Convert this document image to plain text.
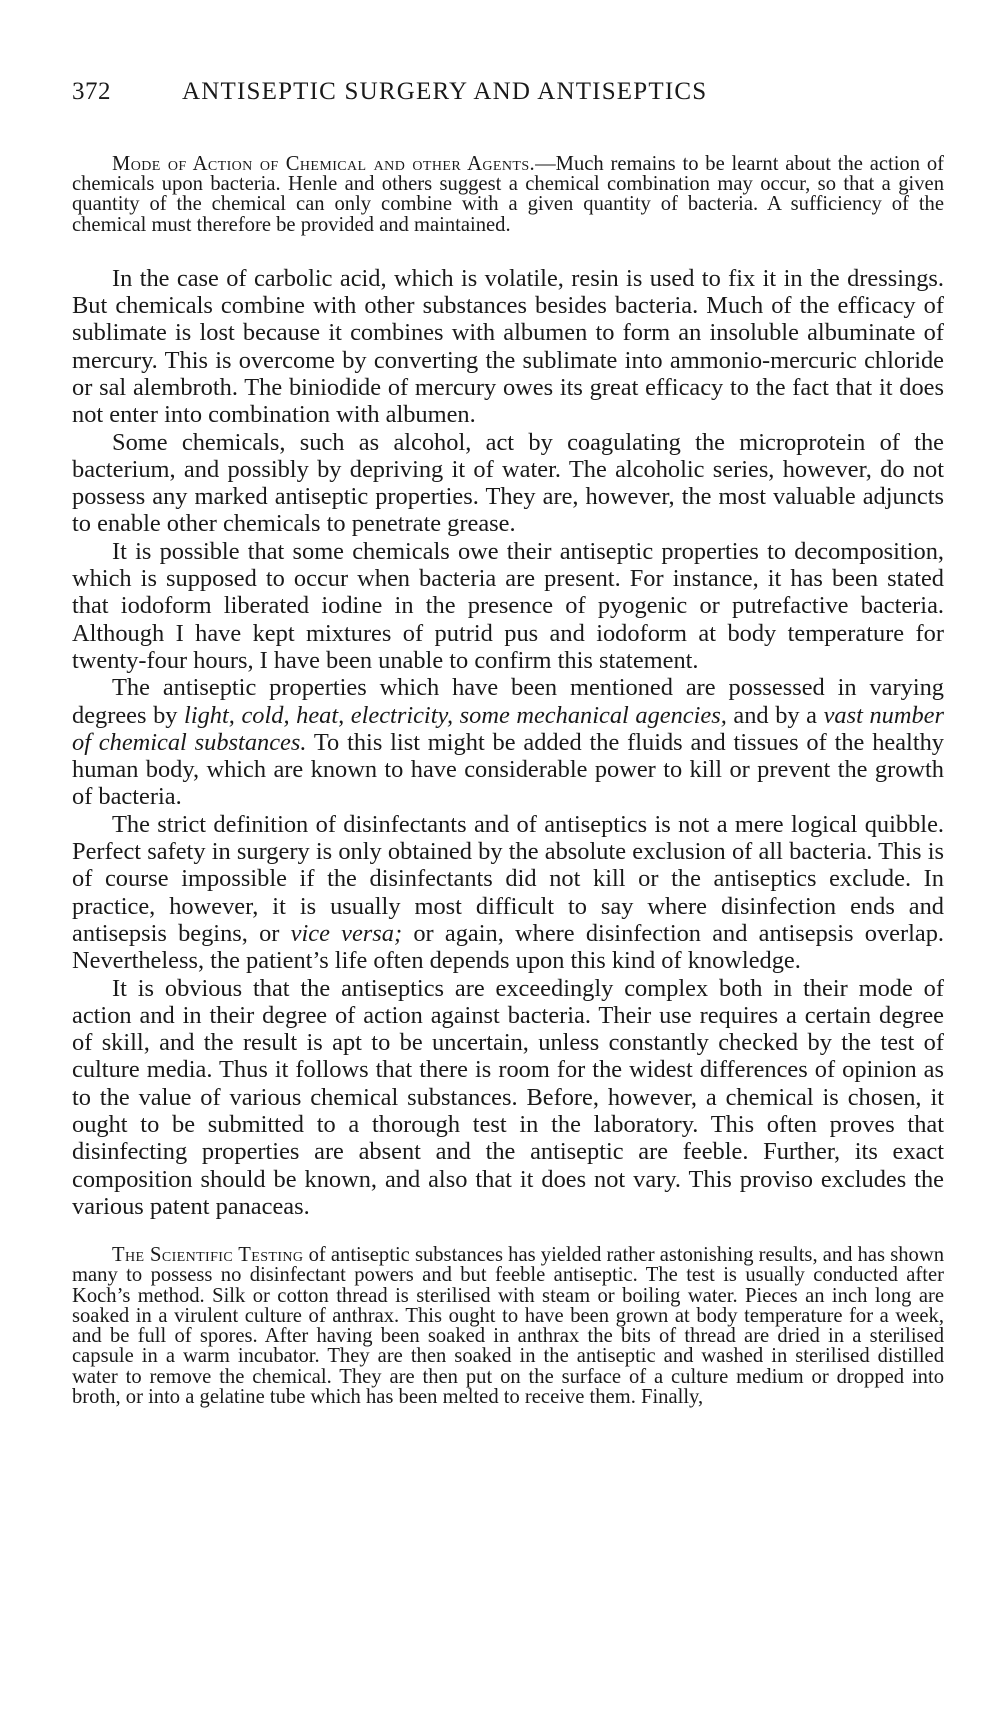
372	ANTISEPTIC SURGERY AND ANTISEPTICS

Mode of Action of Chemical and other Agents.—Much remains to be learnt about the action of chemicals upon bacteria. Henle and others suggest a chemical combination may occur, so that a given quantity of the chemical can only combine with a given quantity of bacteria. A sufficiency of the chemical must therefore be provided and maintained.

In the case of carbolic acid, which is volatile, resin is used to fix it in the dressings. But chemicals combine with other substances besides bacteria. Much of the efficacy of sublimate is lost because it combines with albumen to form an insoluble albuminate of mercury. This is overcome by converting the sublimate into ammonio-mercuric chloride or sal alembroth. The biniodide of mercury owes its great efficacy to the fact that it does not enter into combination with albumen.

Some chemicals, such as alcohol, act by coagulating the microprotein of the bacterium, and possibly by depriving it of water. The alcoholic series, however, do not possess any marked antiseptic properties. They are, however, the most valuable adjuncts to enable other chemicals to penetrate grease.

It is possible that some chemicals owe their antiseptic properties to decomposition, which is supposed to occur when bacteria are present. For instance, it has been stated that iodoform liberated iodine in the presence of pyogenic or putrefactive bacteria. Although I have kept mixtures of putrid pus and iodoform at body temperature for twenty-four hours, I have been unable to confirm this statement.

The antiseptic properties which have been mentioned are possessed in varying degrees by light, cold, heat, electricity, some mechanical agencies, and by a vast number of chemical substances. To this list might be added the fluids and tissues of the healthy human body, which are known to have considerable power to kill or prevent the growth of bacteria.

The strict definition of disinfectants and of antiseptics is not a mere logical quibble. Perfect safety in surgery is only obtained by the absolute exclusion of all bacteria. This is of course impossible if the disinfectants did not kill or the antiseptics exclude. In practice, however, it is usually most difficult to say where disinfection ends and antisepsis begins, or vice versa; or again, where disinfection and antisepsis overlap. Nevertheless, the patient’s life often depends upon this kind of knowledge.

It is obvious that the antiseptics are exceedingly complex both in their mode of action and in their degree of action against bacteria. Their use requires a certain degree of skill, and the result is apt to be uncertain, unless constantly checked by the test of culture media. Thus it follows that there is room for the widest differences of opinion as to the value of various chemical substances. Before, however, a chemical is chosen, it ought to be submitted to a thorough test in the laboratory. This often proves that disinfecting properties are absent and the antiseptic are feeble. Further, its exact composition should be known, and also that it does not vary. This proviso excludes the various patent panaceas.

The Scientific Testing of antiseptic substances has yielded rather astonishing results, and has shown many to possess no disinfectant powers and but feeble antiseptic. The test is usually conducted after Koch’s method. Silk or cotton thread is sterilised with steam or boiling water. Pieces an inch long are soaked in a virulent culture of anthrax. This ought to have been grown at body temperature for a week, and be full of spores. After having been soaked in anthrax the bits of thread are dried in a sterilised capsule in a warm incubator. They are then soaked in the antiseptic and washed in sterilised distilled water to remove the chemical. They are then put on the surface of a culture medium or dropped into broth, or into a gelatine tube which has been melted to receive them. Finally,
